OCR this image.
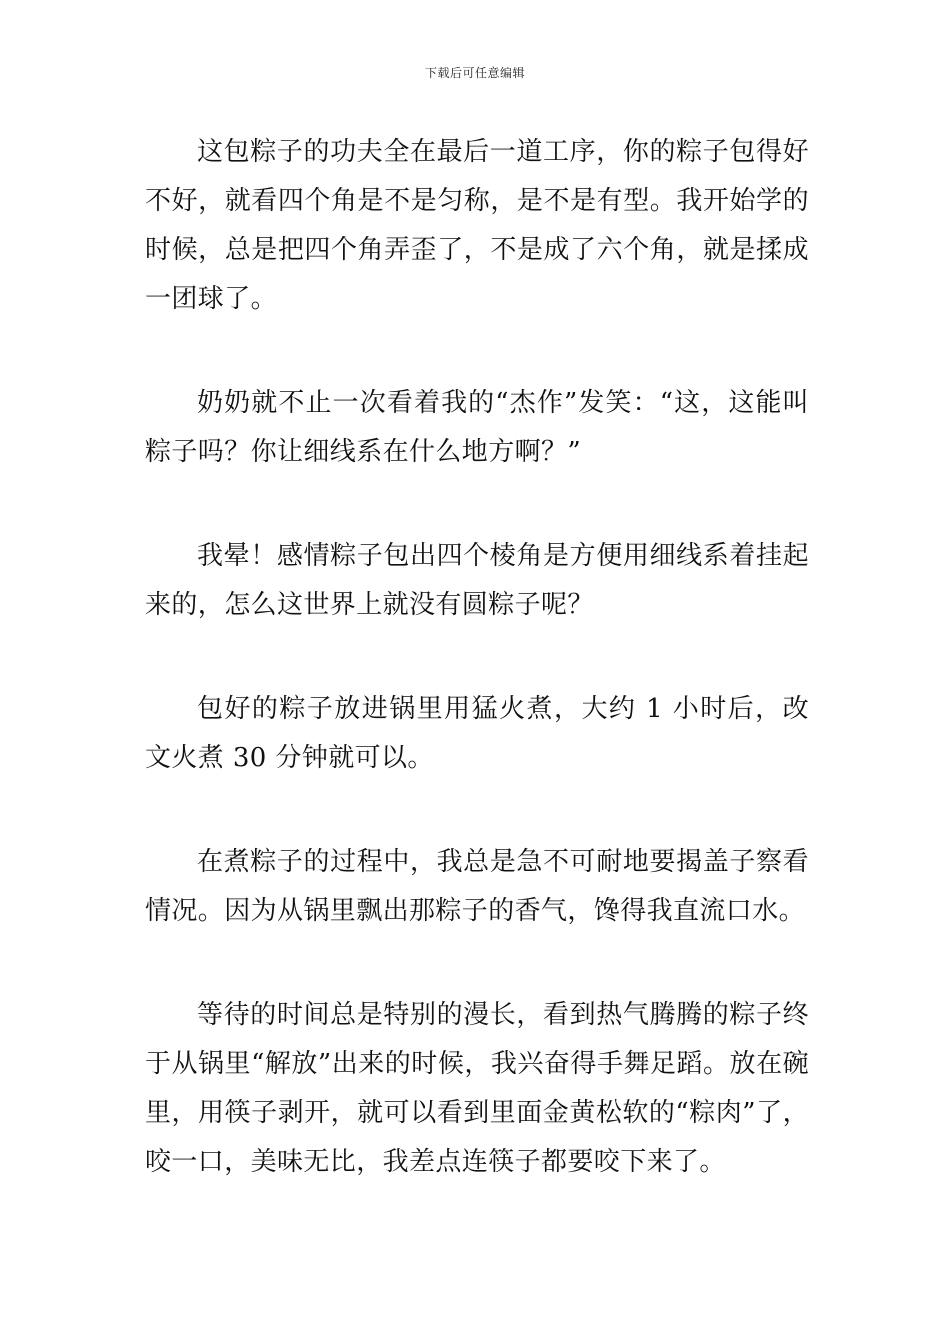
下载后可任意编辑

这包粽子的功夫全在最后一道工序，你的粽子包得好不好，就看四个角是不是匀称，是不是有型。我开始学的时候，总是把四个角弄歪了，不是成了六个角，就是揉成一团球了。

奶奶就不止一次看着我的“杰作”发笑：“这，这能叫粽子吗？你让细线系在什么地方啊？”

我晕！感情粽子包出四个棱角是方便用细线系着挂起来的，怎么这世界上就没有圆粽子呢？

包好的粽子放进锅里用猛火煮，大约 1 小时后，改文火煮 30 分钟就可以。

在煮粽子的过程中，我总是急不可耐地要揭盖子察看情况。因为从锅里飘出那粽子的香气，馋得我直流口水。

等待的时间总是特别的漫长，看到热气腾腾的粽子终于从锅里“解放”出来的时候，我兴奋得手舞足蹈。放在碗里，用筷子剥开，就可以看到里面金黄松软的“粽肉”了，咬一口，美味无比，我差点连筷子都要咬下来了。
